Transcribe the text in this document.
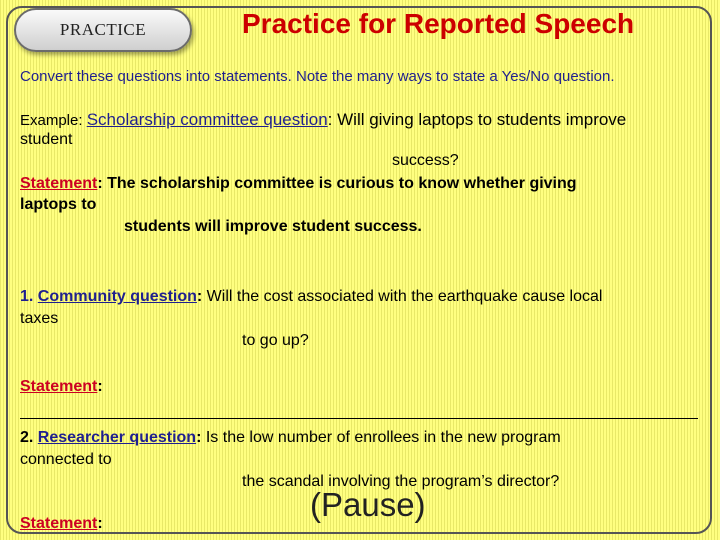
PRACTICE	Practice for Reported Speech
Convert these questions into statements. Note the many ways to state a Yes/No question.
Example: Scholarship committee question: Will giving laptops to students improve
student
success?
Statement: The scholarship committee is curious to know whether giving
laptops to
students will improve student success.
1. Community question: Will the cost associated with the earthquake cause local
taxes
to go up?
Statement:
2. Researcher question: Is the low number of enrollees in the new program
connected to
the scandal involving the program’s director?
Statement:
(Pause)
